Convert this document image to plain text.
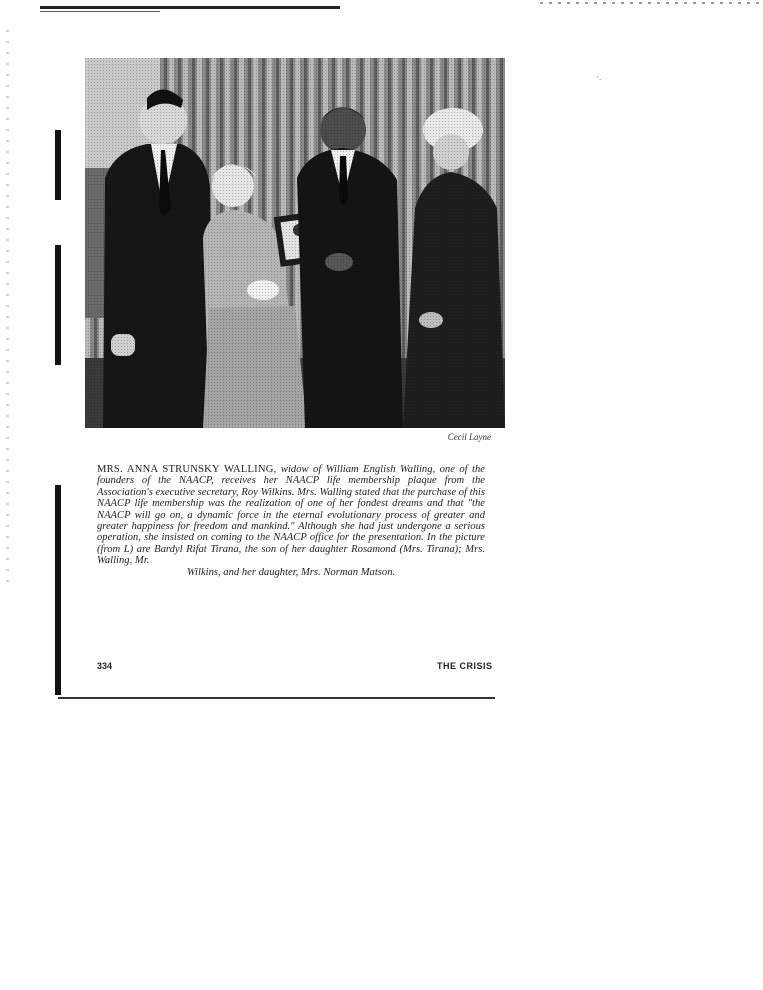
·.
Cecil Layne
MRS. ANNA STRUNSKY WALLING, widow of William English Walling, one of the founders of the NAACP, receives her NAACP life membership plaque from the Association's executive secretary, Roy Wilkins. Mrs. Walling stated that the purchase of this NAACP life membership was the realization of one of her fondest dreams and that "the NAACP will go on, a dynamic force in the eternal evolutionary process of greater and greater happiness for freedom and mankind." Although she had just undergone a serious operation, she insisted on coming to the NAACP office for the presentation. In the picture (from L) are Bardyl Rifat Tirana, the son of her daughter Rosamond (Mrs. Tirana); Mrs. Walling, Mr.
Wilkins, and her daughter, Mrs. Norman Matson.
334	THE CRISIS
